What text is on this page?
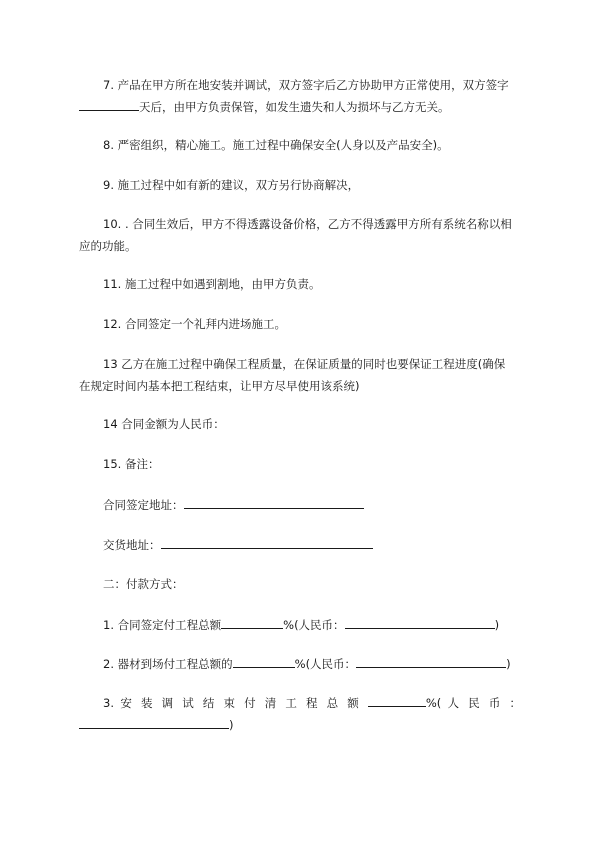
7. 产品在甲方所在地安装并调试，双方签字后乙方协助甲方正常使用，双方签字

天后，由甲方负责保管，如发生遗失和人为损坏与乙方无关。

8. 严密组织，精心施工。施工过程中确保安全(人身以及产品安全)。

9. 施工过程中如有新的建议，双方另行协商解决，

10. . 合同生效后，甲方不得透露设备价格，乙方不得透露甲方所有系统名称以相

应的功能。

11. 施工过程中如遇到割地，由甲方负责。

12. 合同签定一个礼拜内进场施工。

13 乙方在施工过程中确保工程质量，在保证质量的同时也要保证工程进度(确保

在规定时间内基本把工程结束，让甲方尽早使用该系统)

14 合同金额为人民币：

15. 备注：

合同签定地址：

交货地址：

二：付款方式：

1. 合同签定付工程总额	%(人民币：	)

2. 器材到场付工程总额的	%(人民币：	)

3. 安 装 调 试 结 束 付 清 工 程 总 额	%( 人 民 币 ：

)
